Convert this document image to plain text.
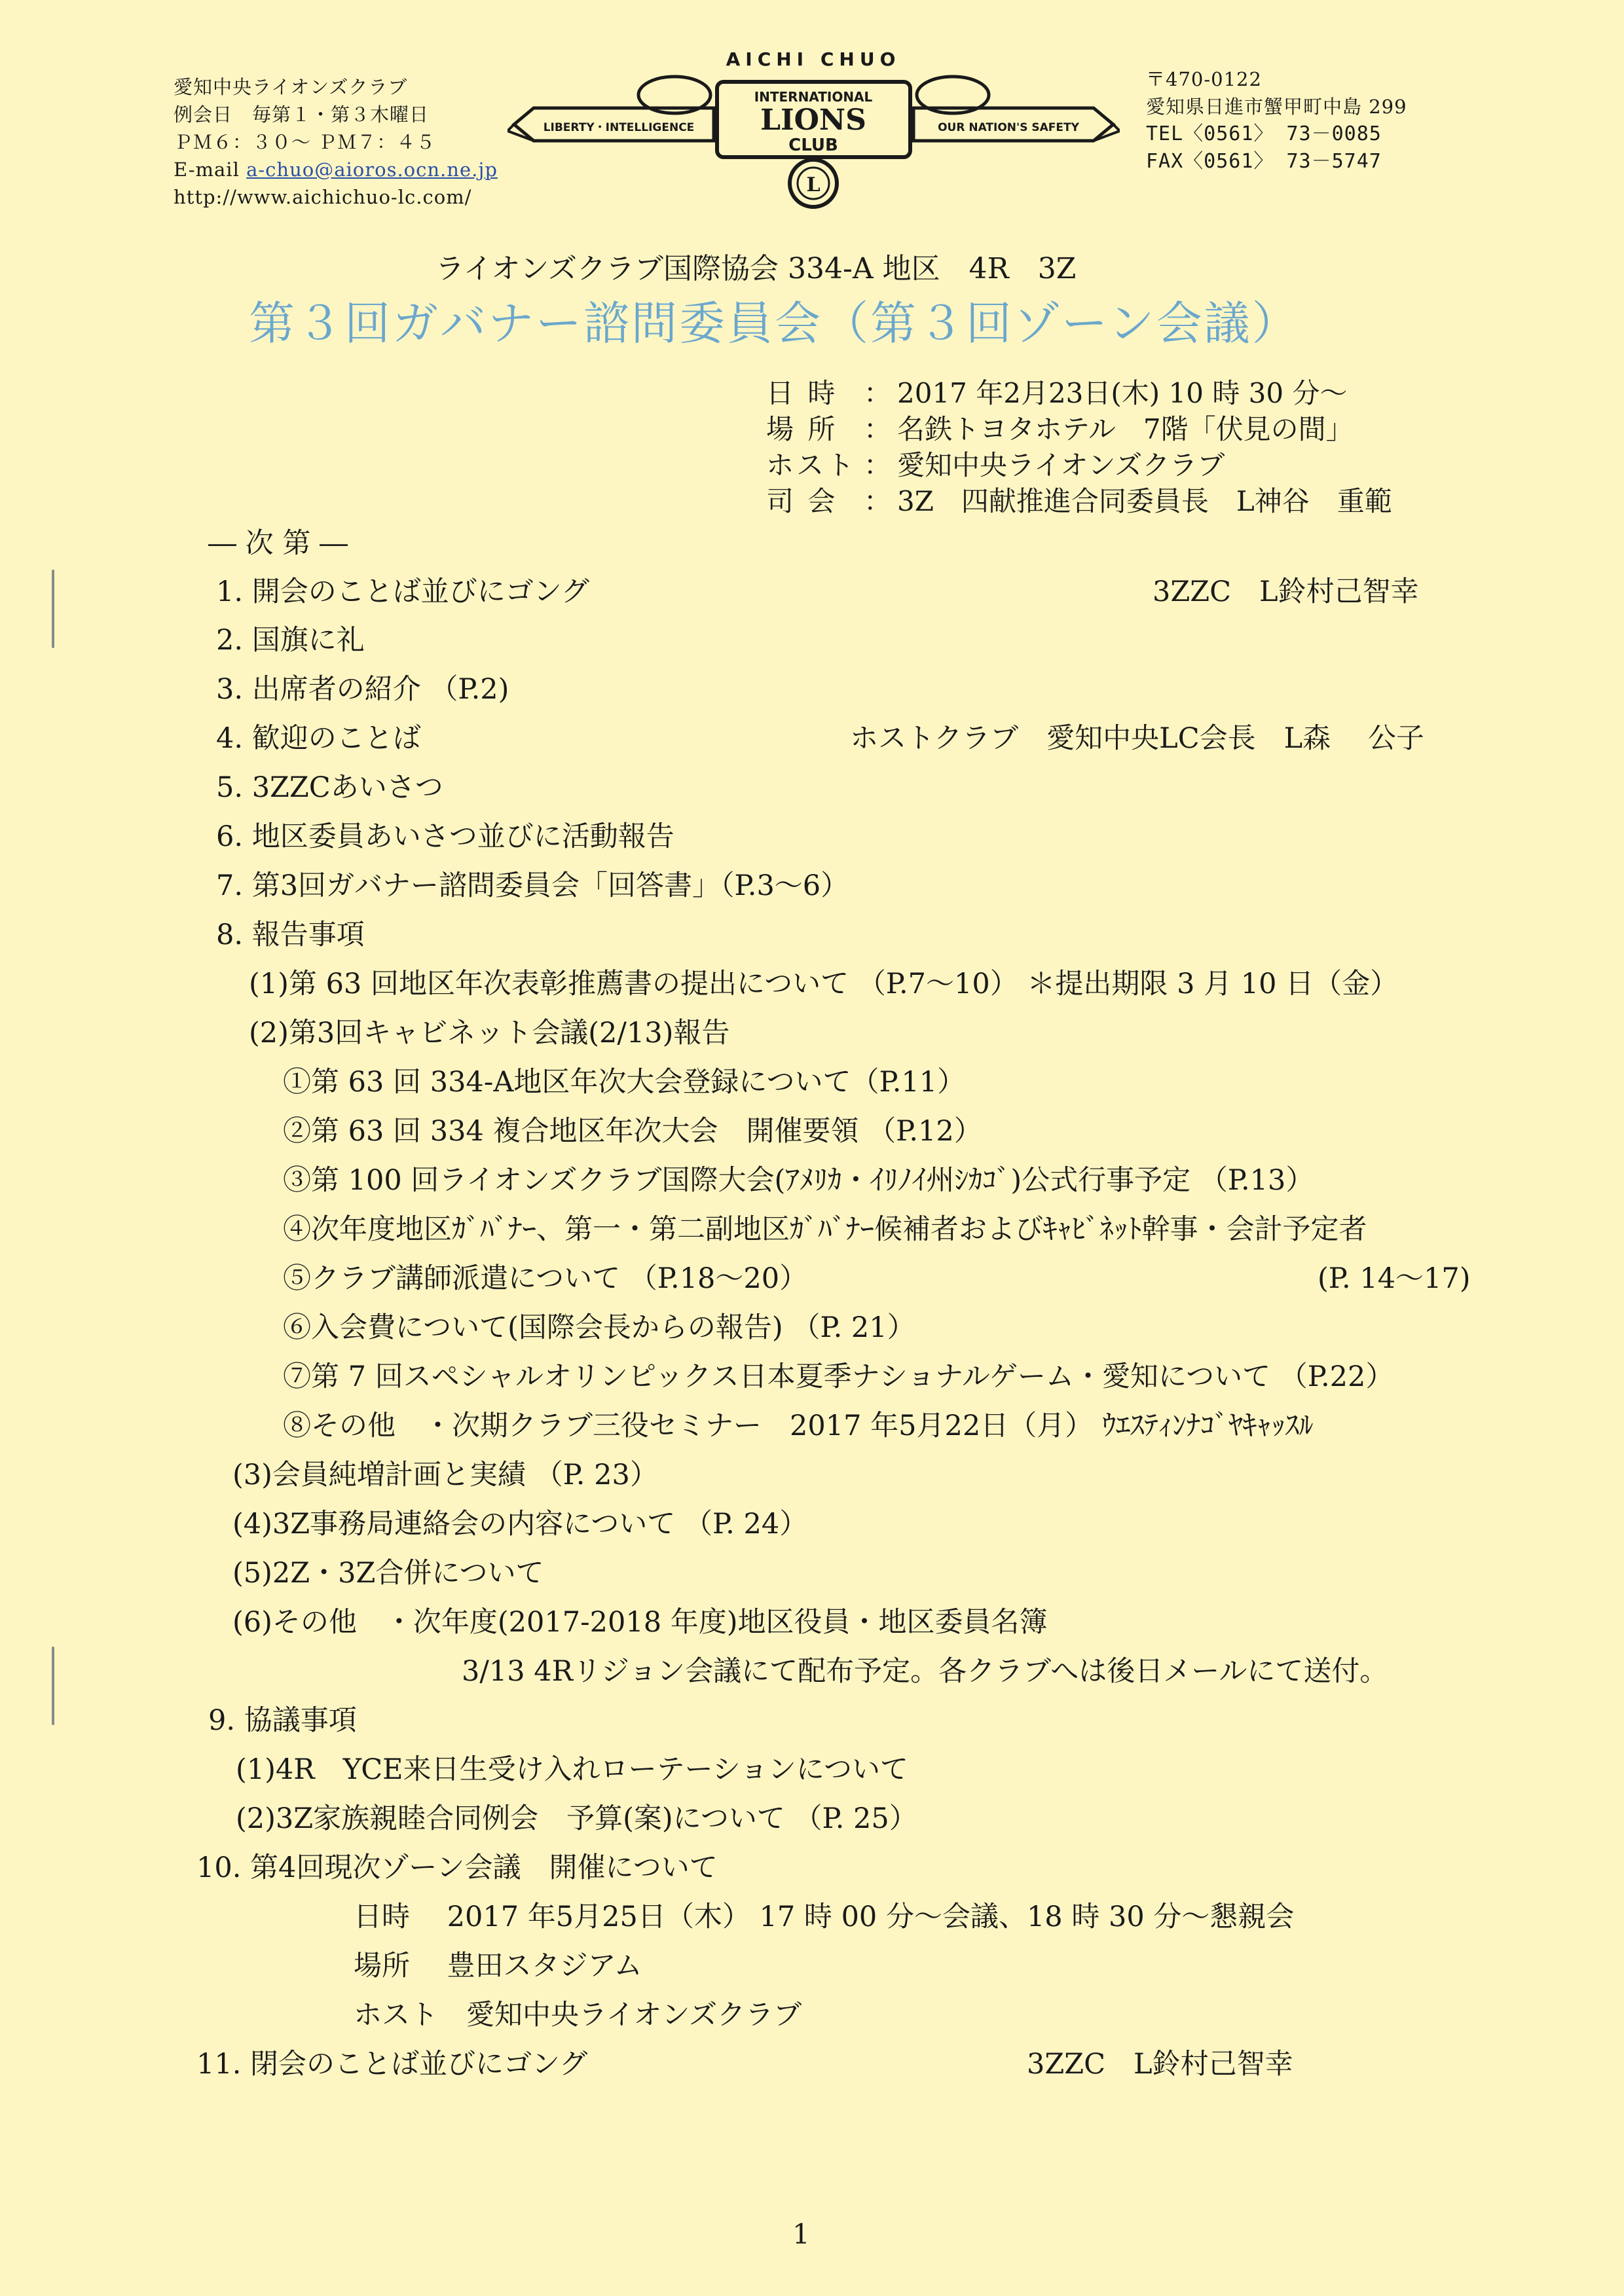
愛知中央ライオンズクラブ
例会日　毎第１・第３木曜日
ＰＭ６：３０～ ＰＭ７：４５
E-mail a-chuo@aioros.ocn.ne.jp
http://www.aichichuo-lc.com/
AICHI CHUO
LIBERTY・INTELLIGENCE	OUR NATION'S SAFETY
INTERNATIONAL
LIONS
CLUB
L
〒470-0122
愛知県日進市蟹甲町中島 299
TEL〈0561〉 73－0085
FAX〈0561〉 73－5747
ライオンズクラブ国際協会 334-A 地区　4R　3Z
第３回ガバナー諮問委員会（第３回ゾーン会議）
日 時 ： 2017 年2月23日(木) 10 時 30 分～
場 所 ： 名鉄トヨタホテル　7階「伏見の間」
ホスト ： 愛知中央ライオンズクラブ
司 会 ： 3Z　四献推進合同委員長　L神谷　重範
― 次 第 ―
1. 開会のことば並びにゴング	3ZZC　L鈴村己智幸
2. 国旗に礼
3. 出席者の紹介 （P.2)
4. 歓迎のことば	ホストクラブ　愛知中央LC会長　L森　 公子
5. 3ZZCあいさつ
6. 地区委員あいさつ並びに活動報告
7. 第3回ガバナー諮問委員会「回答書」（P.3～6）
8. 報告事項
(1)第 63 回地区年次表彰推薦書の提出について （P.7～10） ＊提出期限 3 月 10 日（金）
(2)第3回キャビネット会議(2/13)報告
①第 63 回 334-A地区年次大会登録について（P.11）
②第 63 回 334 複合地区年次大会　開催要領 （P.12）
③第 100 回ライオンズクラブ国際大会(ｱﾒﾘｶ・ｲﾘﾉｲ州ｼｶｺﾞ)公式行事予定 （P.13）
④次年度地区ｶﾞﾊﾞﾅｰ、第一・第二副地区ｶﾞﾊﾞﾅｰ候補者およびｷｬﾋﾞﾈｯﾄ幹事・会計予定者
⑤クラブ講師派遣について （P.18～20）	(P. 14～17)
⑥入会費について(国際会長からの報告) （P. 21）
⑦第 7 回スペシャルオリンピックス日本夏季ナショナルゲーム・愛知について （P.22）
⑧その他　・次期クラブ三役セミナー　2017 年5月22日（月） ｳｴｽﾃｨﾝﾅｺﾞﾔｷｬｯｽﾙ
(3)会員純増計画と実績 （P. 23）
(4)3Z事務局連絡会の内容について （P. 24）
(5)2Z・3Z合併について
(6)その他　・次年度(2017-2018 年度)地区役員・地区委員名簿
3/13 4Rリジョン会議にて配布予定。各クラブへは後日メールにて送付。
9. 協議事項
(1)4R　YCE来日生受け入れローテーションについて
(2)3Z家族親睦合同例会　予算(案)について （P. 25）
10. 第4回現次ゾーン会議　開催について
日時　 2017 年5月25日（木） 17 時 00 分～会議、18 時 30 分～懇親会
場所　 豊田スタジアム
ホスト　愛知中央ライオンズクラブ
11. 閉会のことば並びにゴング	3ZZC　L鈴村己智幸
1
